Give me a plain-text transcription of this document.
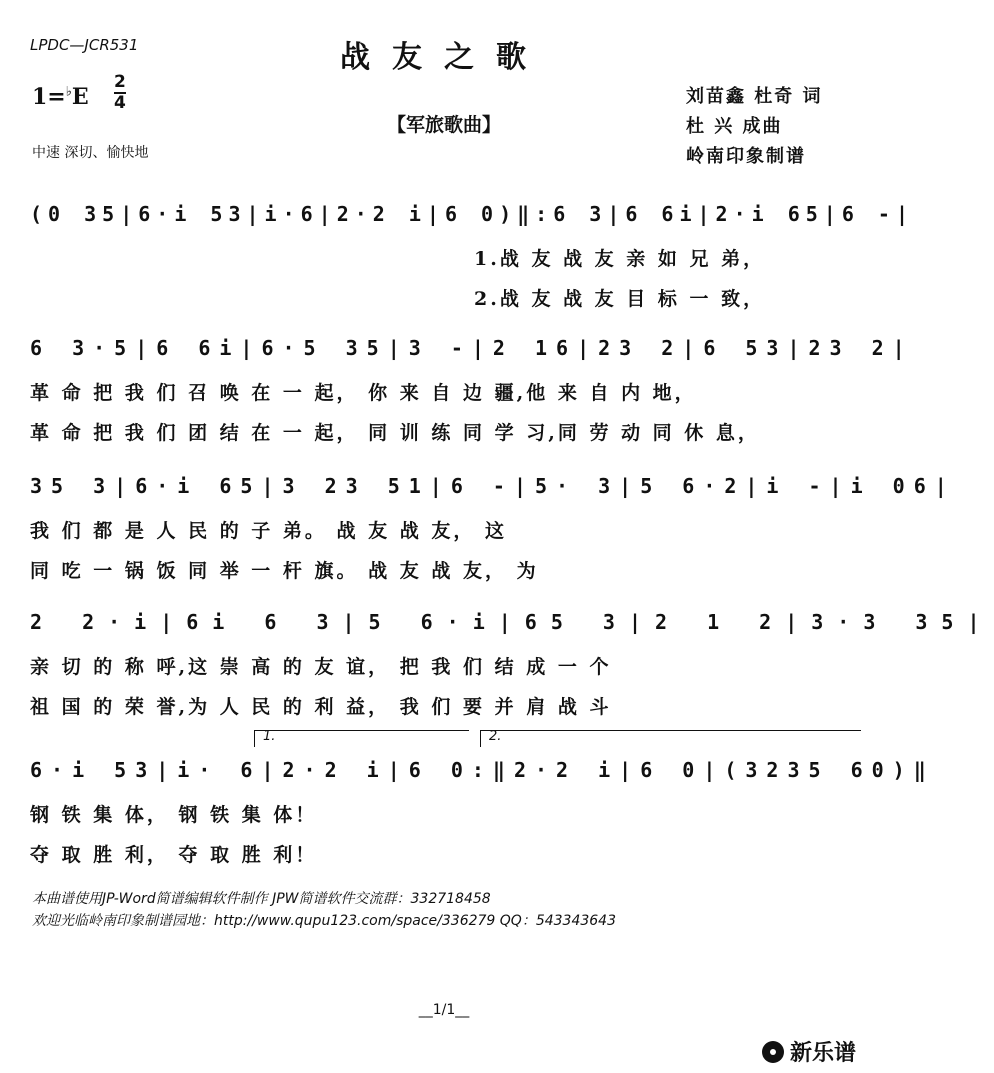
LPDC—JCR531	战友之歌
1=♭E
2
4
【军旅歌曲】
刘苗鑫 杜奇 词
杜 兴 成曲
岭南印象制谱
中速 深切、愉快地
(0 35|6·i 53|i·6|2·2 i|6 0)‖:6 3|6 6i|2·i 65|6 -|
1.战 友 战 友 亲 如 兄 弟，
2.战 友 战 友 目 标 一 致，
6 3·5|6 6i|6·5 35|3 -|2 16|23 2|6 53|23 2|
革 命 把 我 们 召 唤 在 一 起， 你 来 自 边 疆,他 来 自 内 地，
革 命 把 我 们 团 结 在 一 起， 同 训 练 同 学 习,同 劳 动 同 休 息，
35 3|6·i 65|3 23 51|6 -|5· 3|5 6·2|i -|i 06|
我 们 都 是 人 民 的 子 弟。 战 友 战 友， 这
同 吃 一 锅 饭 同 举 一 杆 旗。 战 友 战 友， 为
2 2·i|6i 6 3|5 6·i|65 3|2 1 2|3·3 35|
亲 切 的 称 呼,这 崇 高 的 友 谊， 把 我 们 结 成 一 个
祖 国 的 荣 誉,为 人 民 的 利 益， 我 们 要 并 肩 战 斗
1.	2.
6·i 53|i· 6|2·2 i|6 0:‖2·2 i|6 0|(3235 60)‖
钢 铁 集 体， 钢 铁 集 体！
夺 取 胜 利， 夺 取 胜 利！
本曲谱使用JP-Word简谱编辑软件制作 JPW简谱软件交流群：332718458
欢迎光临岭南印象制谱园地：http://www.qupu123.com/space/336279 QQ：543343643
__1/1__
新乐谱
